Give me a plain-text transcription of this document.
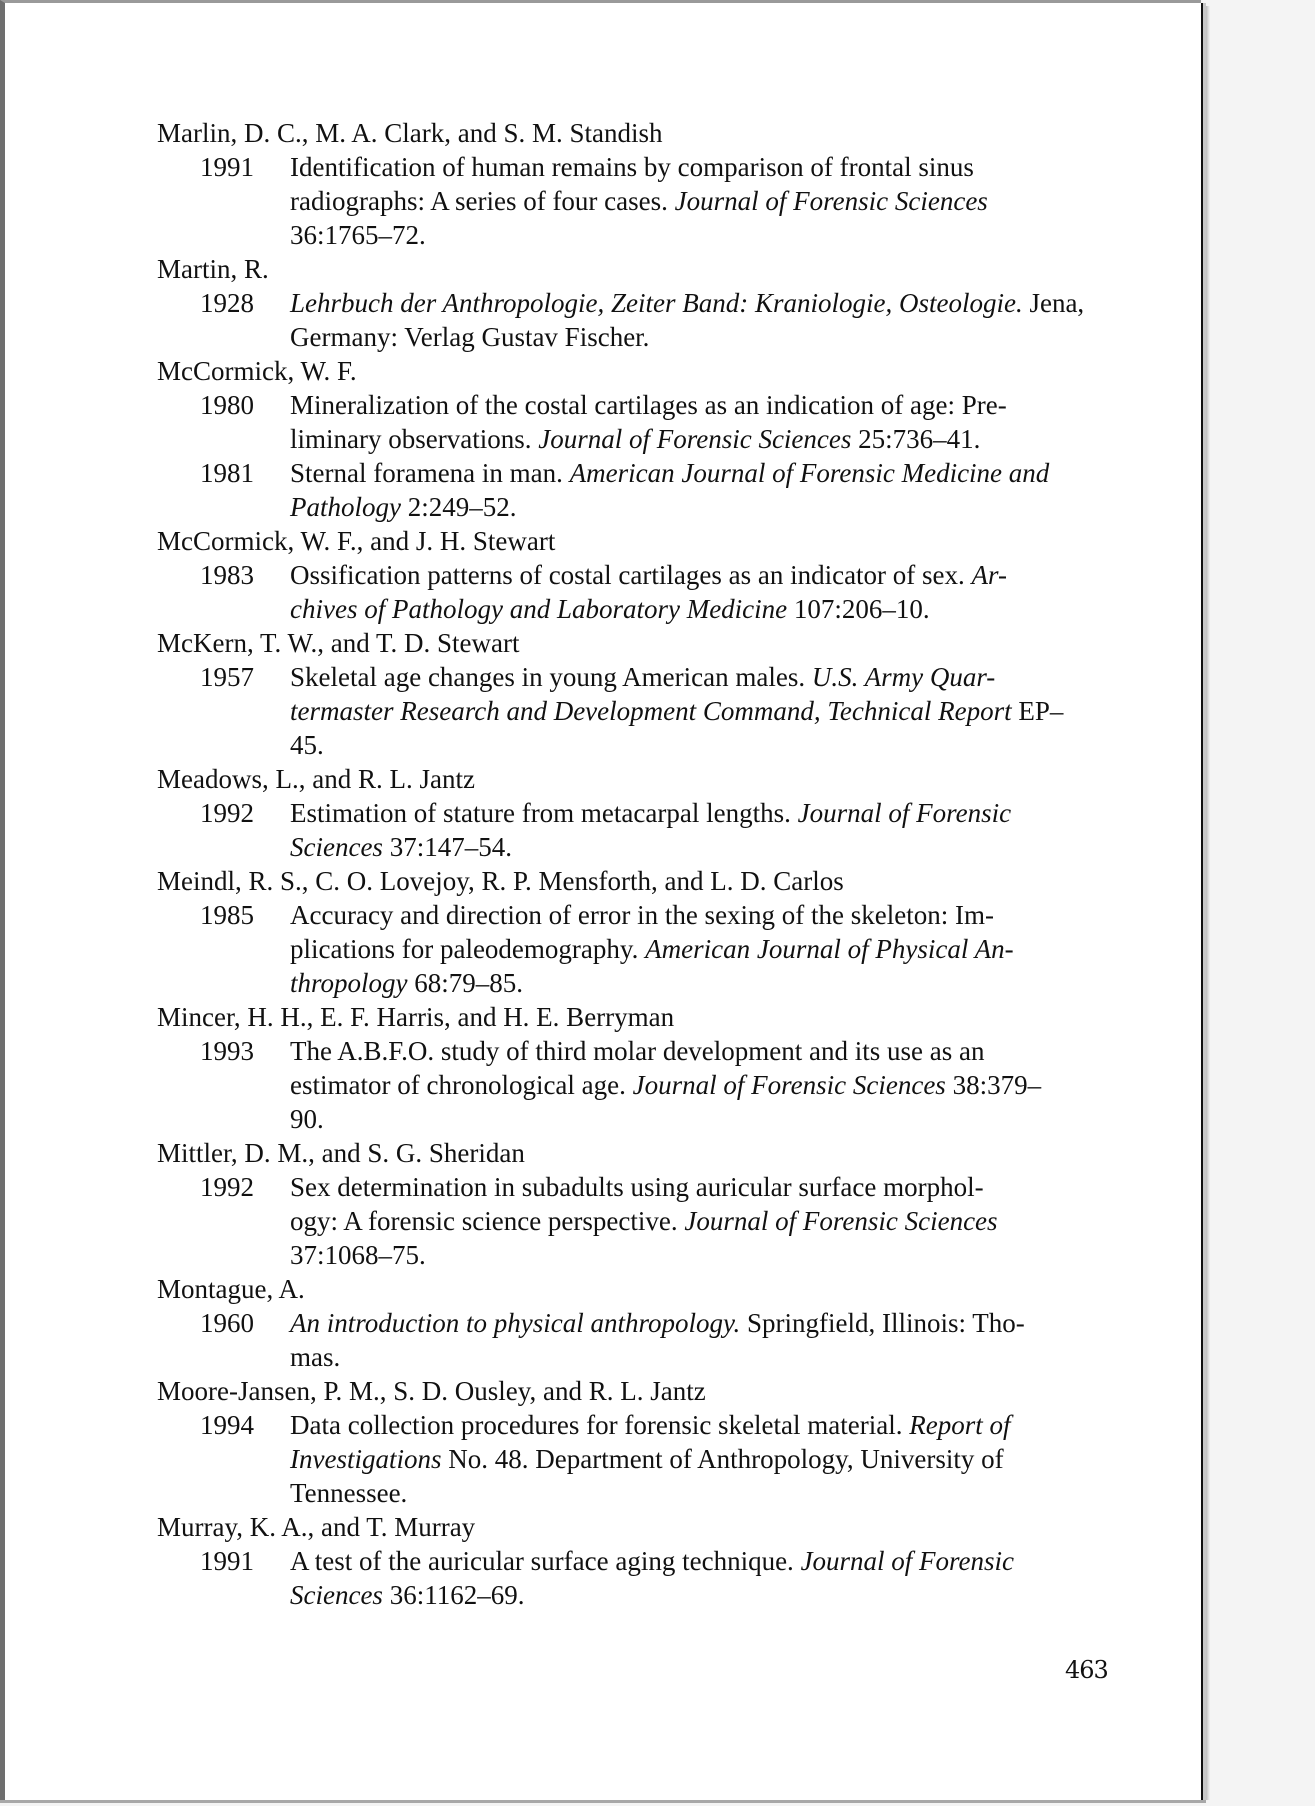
Marlin, D. C., M. A. Clark, and S. M. Standish
1991	Identification of human remains by comparison of frontal sinus
radiographs: A series of four cases. Journal of Forensic Sciences
36:1765–72.
Martin, R.
1928	Lehrbuch der Anthropologie, Zeiter Band: Kraniologie, Osteologie. Jena,
Germany: Verlag Gustav Fischer.
McCormick, W. F.
1980	Mineralization of the costal cartilages as an indication of age: Pre-
liminary observations. Journal of Forensic Sciences 25:736–41.
1981	Sternal foramena in man. American Journal of Forensic Medicine and
Pathology 2:249–52.
McCormick, W. F., and J. H. Stewart
1983	Ossification patterns of costal cartilages as an indicator of sex. Ar-
chives of Pathology and Laboratory Medicine 107:206–10.
McKern, T. W., and T. D. Stewart
1957	Skeletal age changes in young American males. U.S. Army Quar-
termaster Research and Development Command, Technical Report EP–
45.
Meadows, L., and R. L. Jantz
1992	Estimation of stature from metacarpal lengths. Journal of Forensic
Sciences 37:147–54.
Meindl, R. S., C. O. Lovejoy, R. P. Mensforth, and L. D. Carlos
1985	Accuracy and direction of error in the sexing of the skeleton: Im-
plications for paleodemography. American Journal of Physical An-
thropology 68:79–85.
Mincer, H. H., E. F. Harris, and H. E. Berryman
1993	The A.B.F.O. study of third molar development and its use as an
estimator of chronological age. Journal of Forensic Sciences 38:379–
90.
Mittler, D. M., and S. G. Sheridan
1992	Sex determination in subadults using auricular surface morphol-
ogy: A forensic science perspective. Journal of Forensic Sciences
37:1068–75.
Montague, A.
1960	An introduction to physical anthropology. Springfield, Illinois: Tho-
mas.
Moore-Jansen, P. M., S. D. Ousley, and R. L. Jantz
1994	Data collection procedures for forensic skeletal material. Report of
Investigations No. 48. Department of Anthropology, University of
Tennessee.
Murray, K. A., and T. Murray
1991	A test of the auricular surface aging technique. Journal of Forensic
Sciences 36:1162–69.
463
